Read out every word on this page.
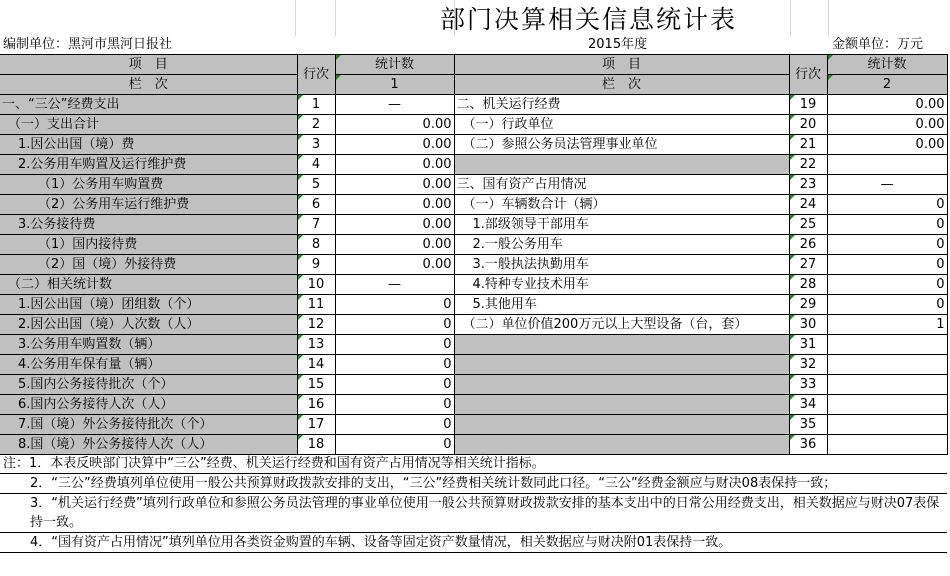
部门决算相关信息统计表
编制单位：黑河市黑河日报社	2015年度	金额单位：万元
项　目	行次	统计数	项　目	行次	统计数
栏　次		1	栏　次		2
一、“三公”经费支出	1	—	二、机关运行经费	19	0.00
（一）支出合计	2	0.00	（一）行政单位	20	0.00
1.因公出国（境）费	3	0.00	（二）参照公务员法管理事业单位	21	0.00
2.公务用车购置及运行维护费	4	0.00		22	
（1）公务用车购置费	5	0.00	三、国有资产占用情况	23	—
（2）公务用车运行维护费	6	0.00	（一）车辆数合计（辆）	24	0
3.公务接待费	7	0.00	1.部级领导干部用车	25	0
（1）国内接待费	8	0.00	2.一般公务用车	26	0
（2）国（境）外接待费	9	0.00	3.一般执法执勤用车	27	0
（二）相关统计数	10	—	4.特种专业技术用车	28	0
1.因公出国（境）团组数（个）	11	0	5.其他用车	29	0
2.因公出国（境）人次数（人）	12	0	（二）单位价值200万元以上大型设备（台，套）	30	1
3.公务用车购置数（辆）	13	0		31	
4.公务用车保有量（辆）	14	0		32	
5.国内公务接待批次（个）	15	0		33	
6.国内公务接待人次（人）	16	0		34	
7.国（境）外公务接待批次（个）	17	0		35	
8.国（境）外公务接待人次（人）	18	0		36	
注：1．本表反映部门决算中“三公”经费、机关运行经费和国有资产占用情况等相关统计指标。
2．“三公”经费填列单位使用一般公共预算财政拨款安排的支出，“三公”经费相关统计数同此口径。“三公”经费金额应与财决08表保持一致；
3．“机关运行经费”填列行政单位和参照公务员法管理的事业单位使用一般公共预算财政拨款安排的基本支出中的日常公用经费支出，相关数据应与财决07表保持一致。
4．“国有资产占用情况”填列单位用各类资金购置的车辆、设备等固定资产数量情况，相关数据应与财决附01表保持一致。
